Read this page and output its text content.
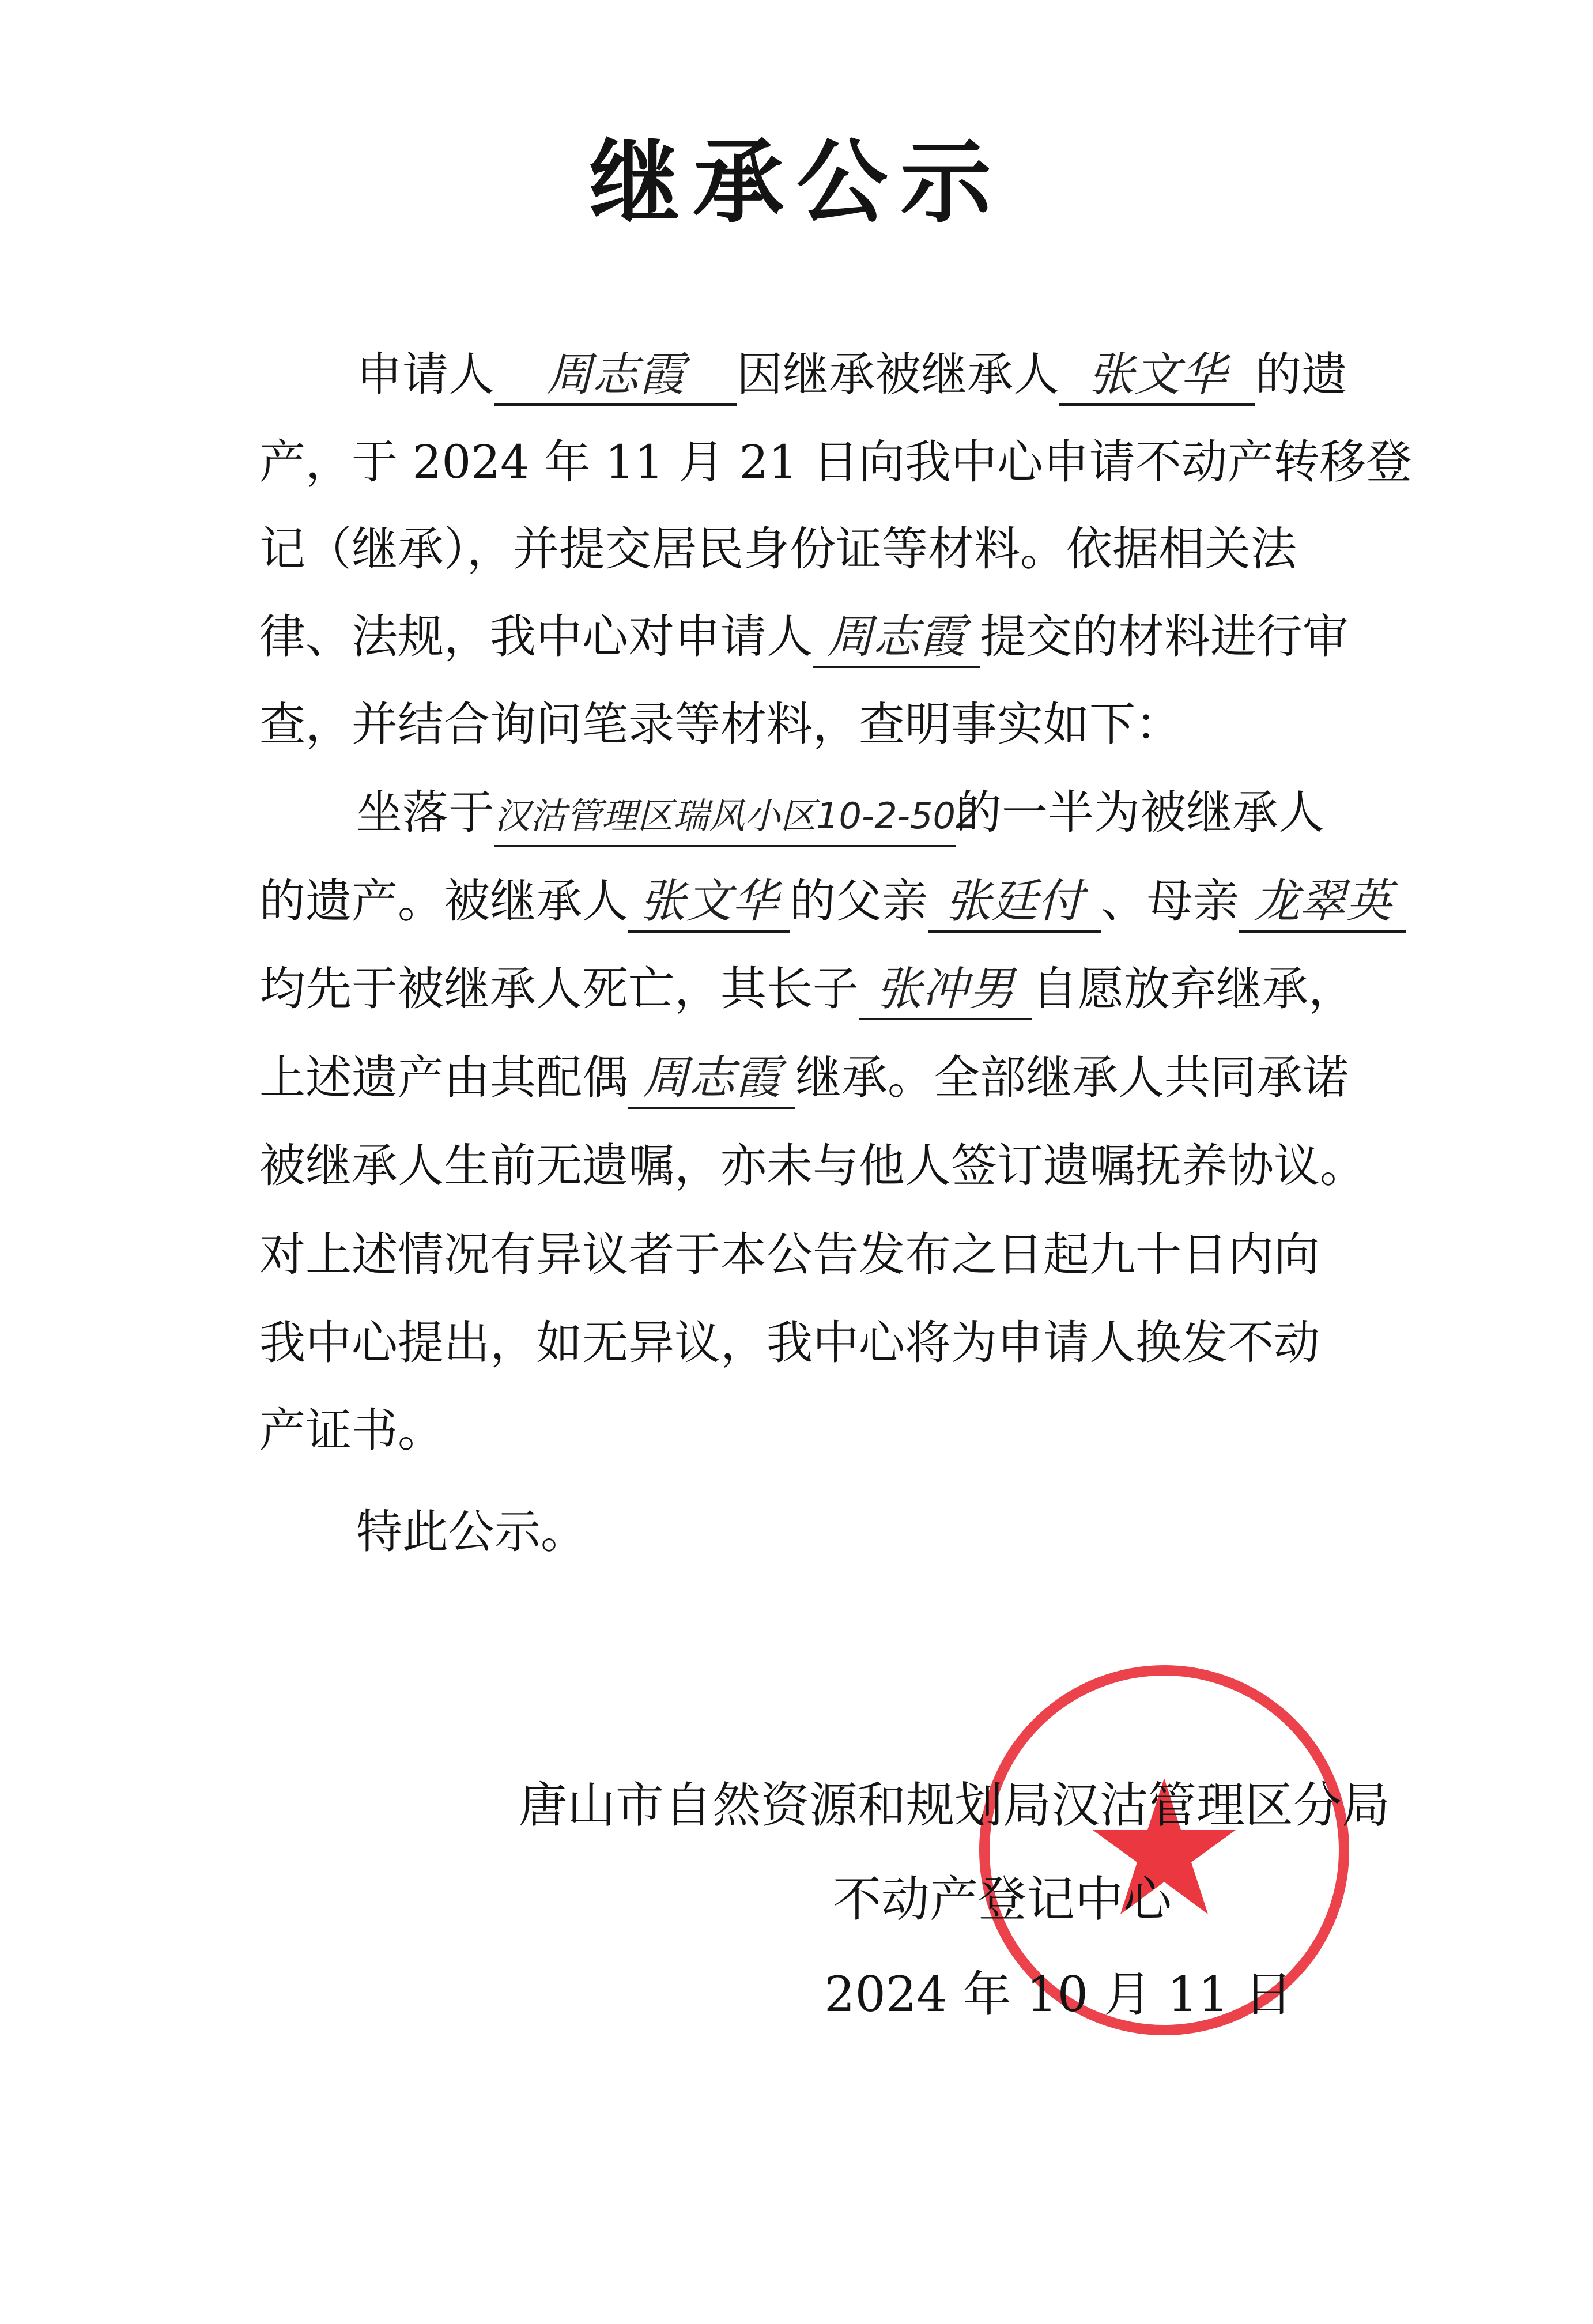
继承公示
申请人 周志霞 因继承被继承人 张文华 的遗
产，于 2024 年 11 月 21 日向我中心申请不动产转移登
记（继承），并提交居民身份证等材料。依据相关法
律、法规，我中心对申请人 周志霞 提交的材料进行审
查，并结合询问笔录等材料，查明事实如下：
坐落于汉沽管理区瑞风小区10-2-502的一半为被继承人
的遗产。被继承人 张文华 的父亲 张廷付 、母亲 龙翠英
均先于被继承人死亡，其长子 张冲男 自愿放弃继承，
上述遗产由其配偶 周志霞 继承。全部继承人共同承诺
被继承人生前无遗嘱，亦未与他人签订遗嘱抚养协议。
对上述情况有异议者于本公告发布之日起九十日内向
我中心提出，如无异议，我中心将为申请人换发不动
产证书。
特此公示。
唐山市自然资源和规划局汉沽管理区分局
不动产登记中心
2024 年 10 月 11 日
